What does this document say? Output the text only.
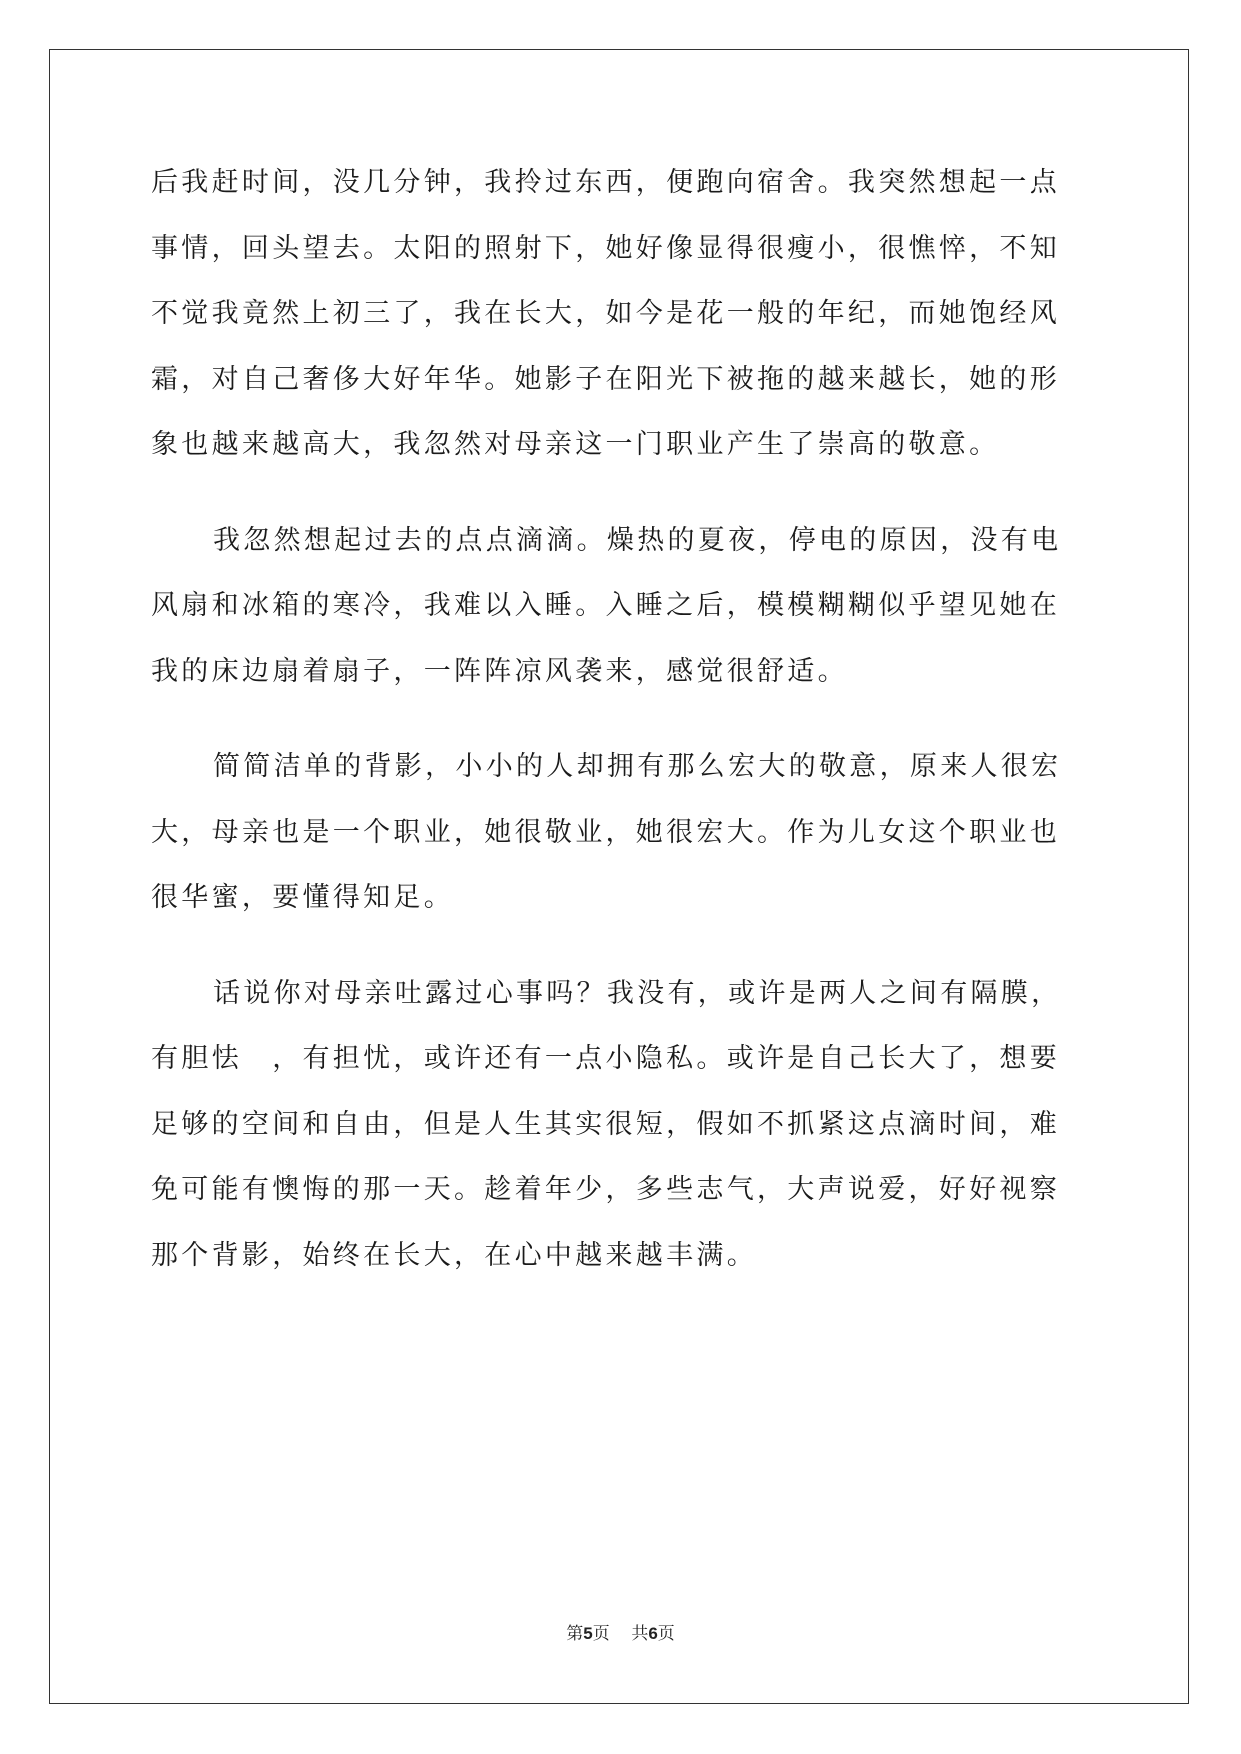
后我赶时间，没几分钟，我拎过东西，便跑向宿舍。我突然想起一点
事情，回头望去。太阳的照射下，她好像显得很瘦小，很憔悴，不知
不觉我竟然上初三了，我在长大，如今是花一般的年纪，而她饱经风
霜，对自己奢侈大好年华。她影子在阳光下被拖的越来越长，她的形
象也越来越高大，我忽然对母亲这一门职业产生了崇高的敬意。
我忽然想起过去的点点滴滴。燥热的夏夜，停电的原因，没有电
风扇和冰箱的寒冷，我难以入睡。入睡之后，模模糊糊似乎望见她在
我的床边扇着扇子，一阵阵凉风袭来，感觉很舒适。
简简洁单的背影，小小的人却拥有那么宏大的敬意，原来人很宏
大，母亲也是一个职业，她很敬业，她很宏大。作为儿女这个职业也
很华蜜，要懂得知足。
话说你对母亲吐露过心事吗？我没有，或许是两人之间有隔膜，
有胆怯　，有担忧，或许还有一点小隐私。或许是自己长大了，想要
足够的空间和自由，但是人生其实很短，假如不抓紧这点滴时间，难
免可能有懊悔的那一天。趁着年少，多些志气，大声说爱，好好视察
那个背影，始终在长大，在心中越来越丰满。
第5页 共6页
